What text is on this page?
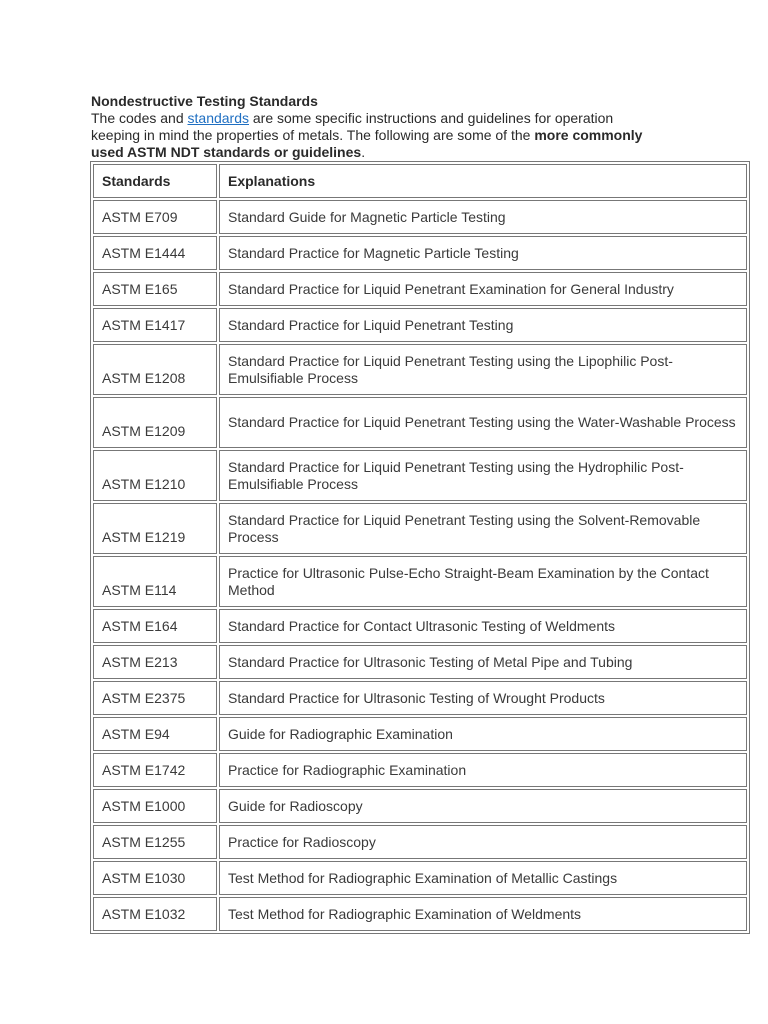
Nondestructive Testing Standards

The codes and standards are some specific instructions and guidelines for operation
keeping in mind the properties of metals. The following are some of the more commonly
used ASTM NDT standards or guidelines.

Standards	Explanations
ASTM E709	Standard Guide for Magnetic Particle Testing
ASTM E1444	Standard Practice for Magnetic Particle Testing
ASTM E165	Standard Practice for Liquid Penetrant Examination for General Industry
ASTM E1417	Standard Practice for Liquid Penetrant Testing
ASTM E1208	Standard Practice for Liquid Penetrant Testing using the Lipophilic Post-Emulsifiable Process
ASTM E1209	Standard Practice for Liquid Penetrant Testing using the Water-Washable Process
ASTM E1210	Standard Practice for Liquid Penetrant Testing using the Hydrophilic Post-Emulsifiable Process
ASTM E1219	Standard Practice for Liquid Penetrant Testing using the Solvent-Removable Process
ASTM E114	Practice for Ultrasonic Pulse-Echo Straight-Beam Examination by the Contact Method
ASTM E164	Standard Practice for Contact Ultrasonic Testing of Weldments
ASTM E213	Standard Practice for Ultrasonic Testing of Metal Pipe and Tubing
ASTM E2375	Standard Practice for Ultrasonic Testing of Wrought Products
ASTM E94	Guide for Radiographic Examination
ASTM E1742	Practice for Radiographic Examination
ASTM E1000	Guide for Radioscopy
ASTM E1255	Practice for Radioscopy
ASTM E1030	Test Method for Radiographic Examination of Metallic Castings
ASTM E1032	Test Method for Radiographic Examination of Weldments
